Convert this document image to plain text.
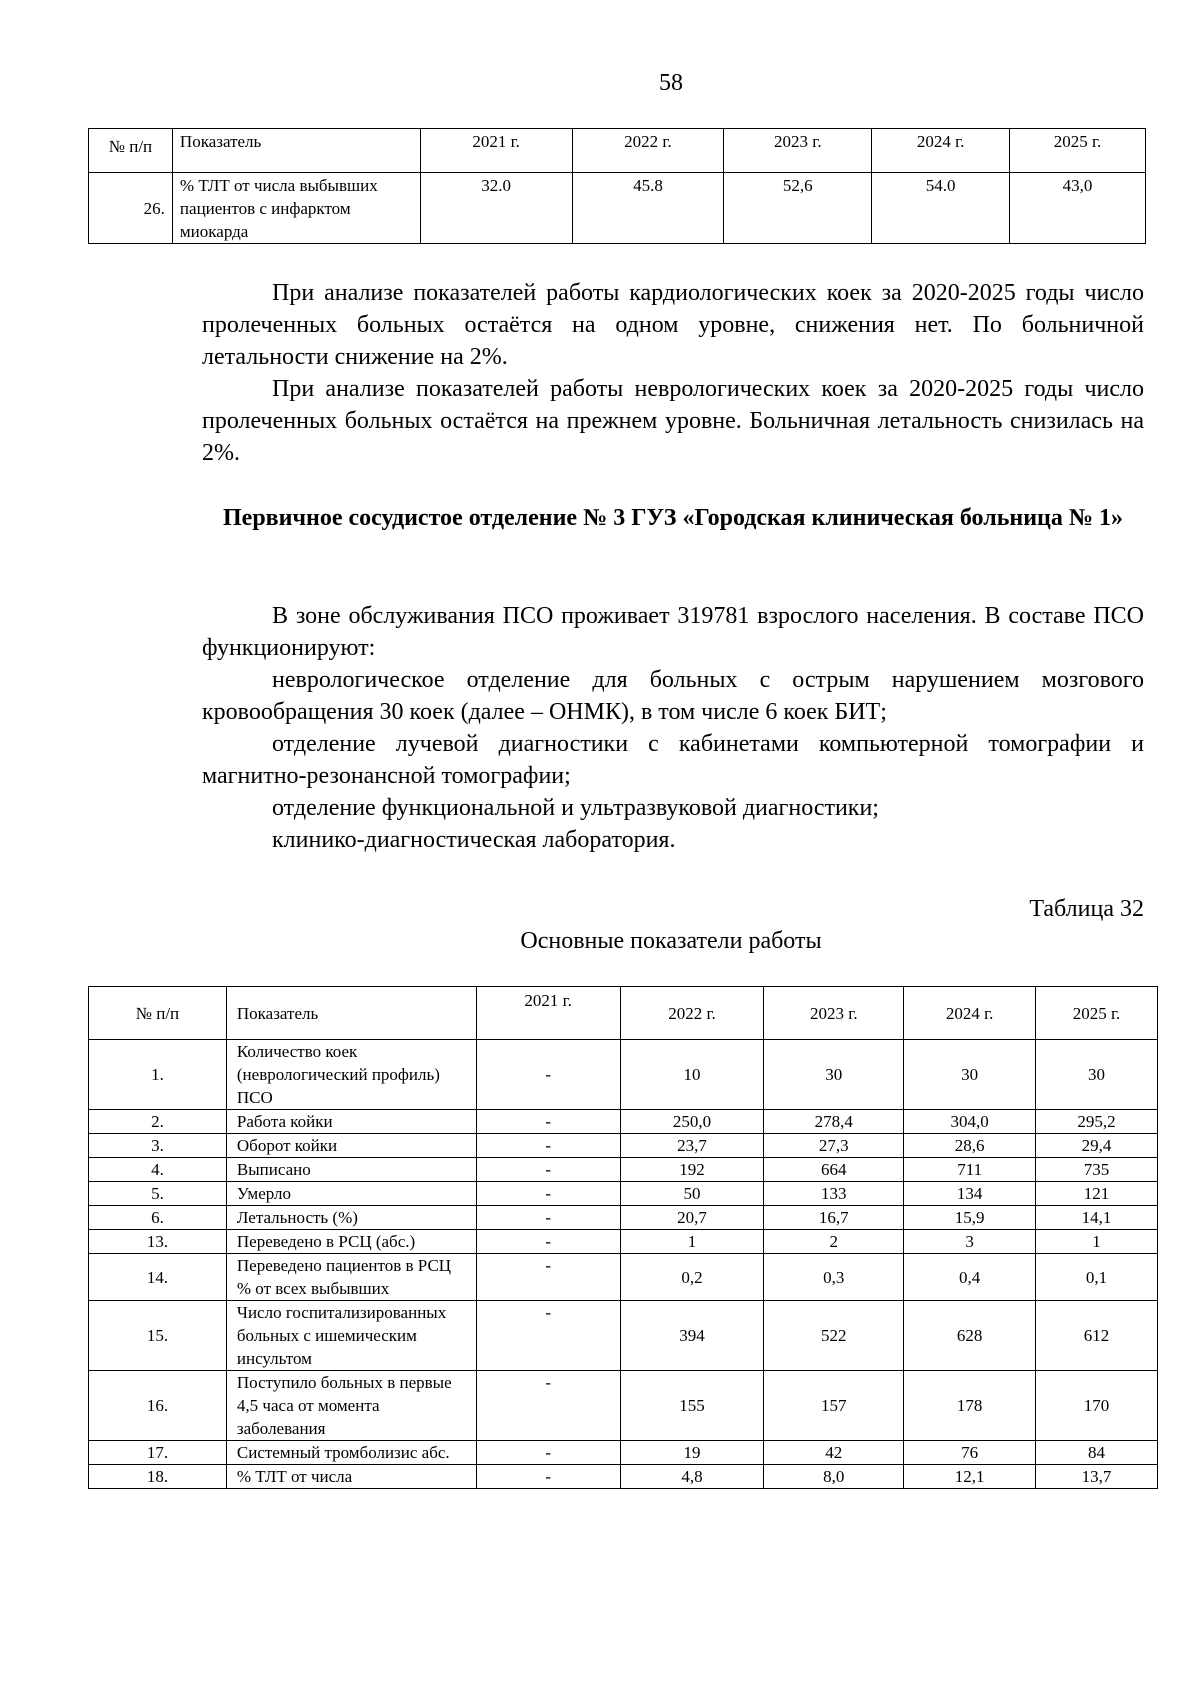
58
№ п/п	Показатель	2021 г.	2022 г.	2023 г.	2024 г.	2025 г.
26.	% ТЛТ от числа выбывших пациентов с инфарктом миокарда	32.0	45.8	52,6	54.0	43,0

При анализе показателей работы кардиологических коек за 2020-2025 годы число пролеченных больных остаётся на одном уровне, снижения нет. По больничной летальности снижение на 2%.

При анализе показателей работы неврологических коек за 2020-2025 годы число пролеченных больных остаётся на прежнем уровне. Больничная летальность снизилась на 2%.

Первичное сосудистое отделение № 3 ГУЗ «Городская клиническая больница № 1»

В зоне обслуживания ПСО проживает 319781 взрослого населения. В составе ПСО функционируют:

неврологическое отделение для больных с острым нарушением мозгового кровообращения 30 коек (далее – ОНМК), в том числе 6 коек БИТ;

отделение лучевой диагностики с кабинетами компьютерной томографии и магнитно-резонансной томографии;

отделение функциональной и ультразвуковой диагностики;

клинико-диагностическая лаборатория.

Таблица 32
Основные показатели работы
№ п/п	Показатель	2021 г.	2022 г.	2023 г.	2024 г.	2025 г.
1.	Количество коек (неврологический профиль) ПСО	-	10	30	30	30
2.	Работа койки	-	250,0	278,4	304,0	295,2
3.	Оборот койки	-	23,7	27,3	28,6	29,4
4.	Выписано	-	192	664	711	735
5.	Умерло	-	50	133	134	121
6.	Летальность (%)	-	20,7	16,7	15,9	14,1
13.	Переведено в РСЦ (абс.)	-	1	2	3	1
14.	Переведено пациентов в РСЦ % от всех выбывших	-	0,2	0,3	0,4	0,1
15.	Число госпитализированных больных с ишемическим инсультом	-	394	522	628	612
16.	Поступило больных в первые 4,5 часа от момента заболевания	-	155	157	178	170
17.	Системный тромболизис абс.	-	19	42	76	84
18.	% ТЛТ от числа	-	4,8	8,0	12,1	13,7
